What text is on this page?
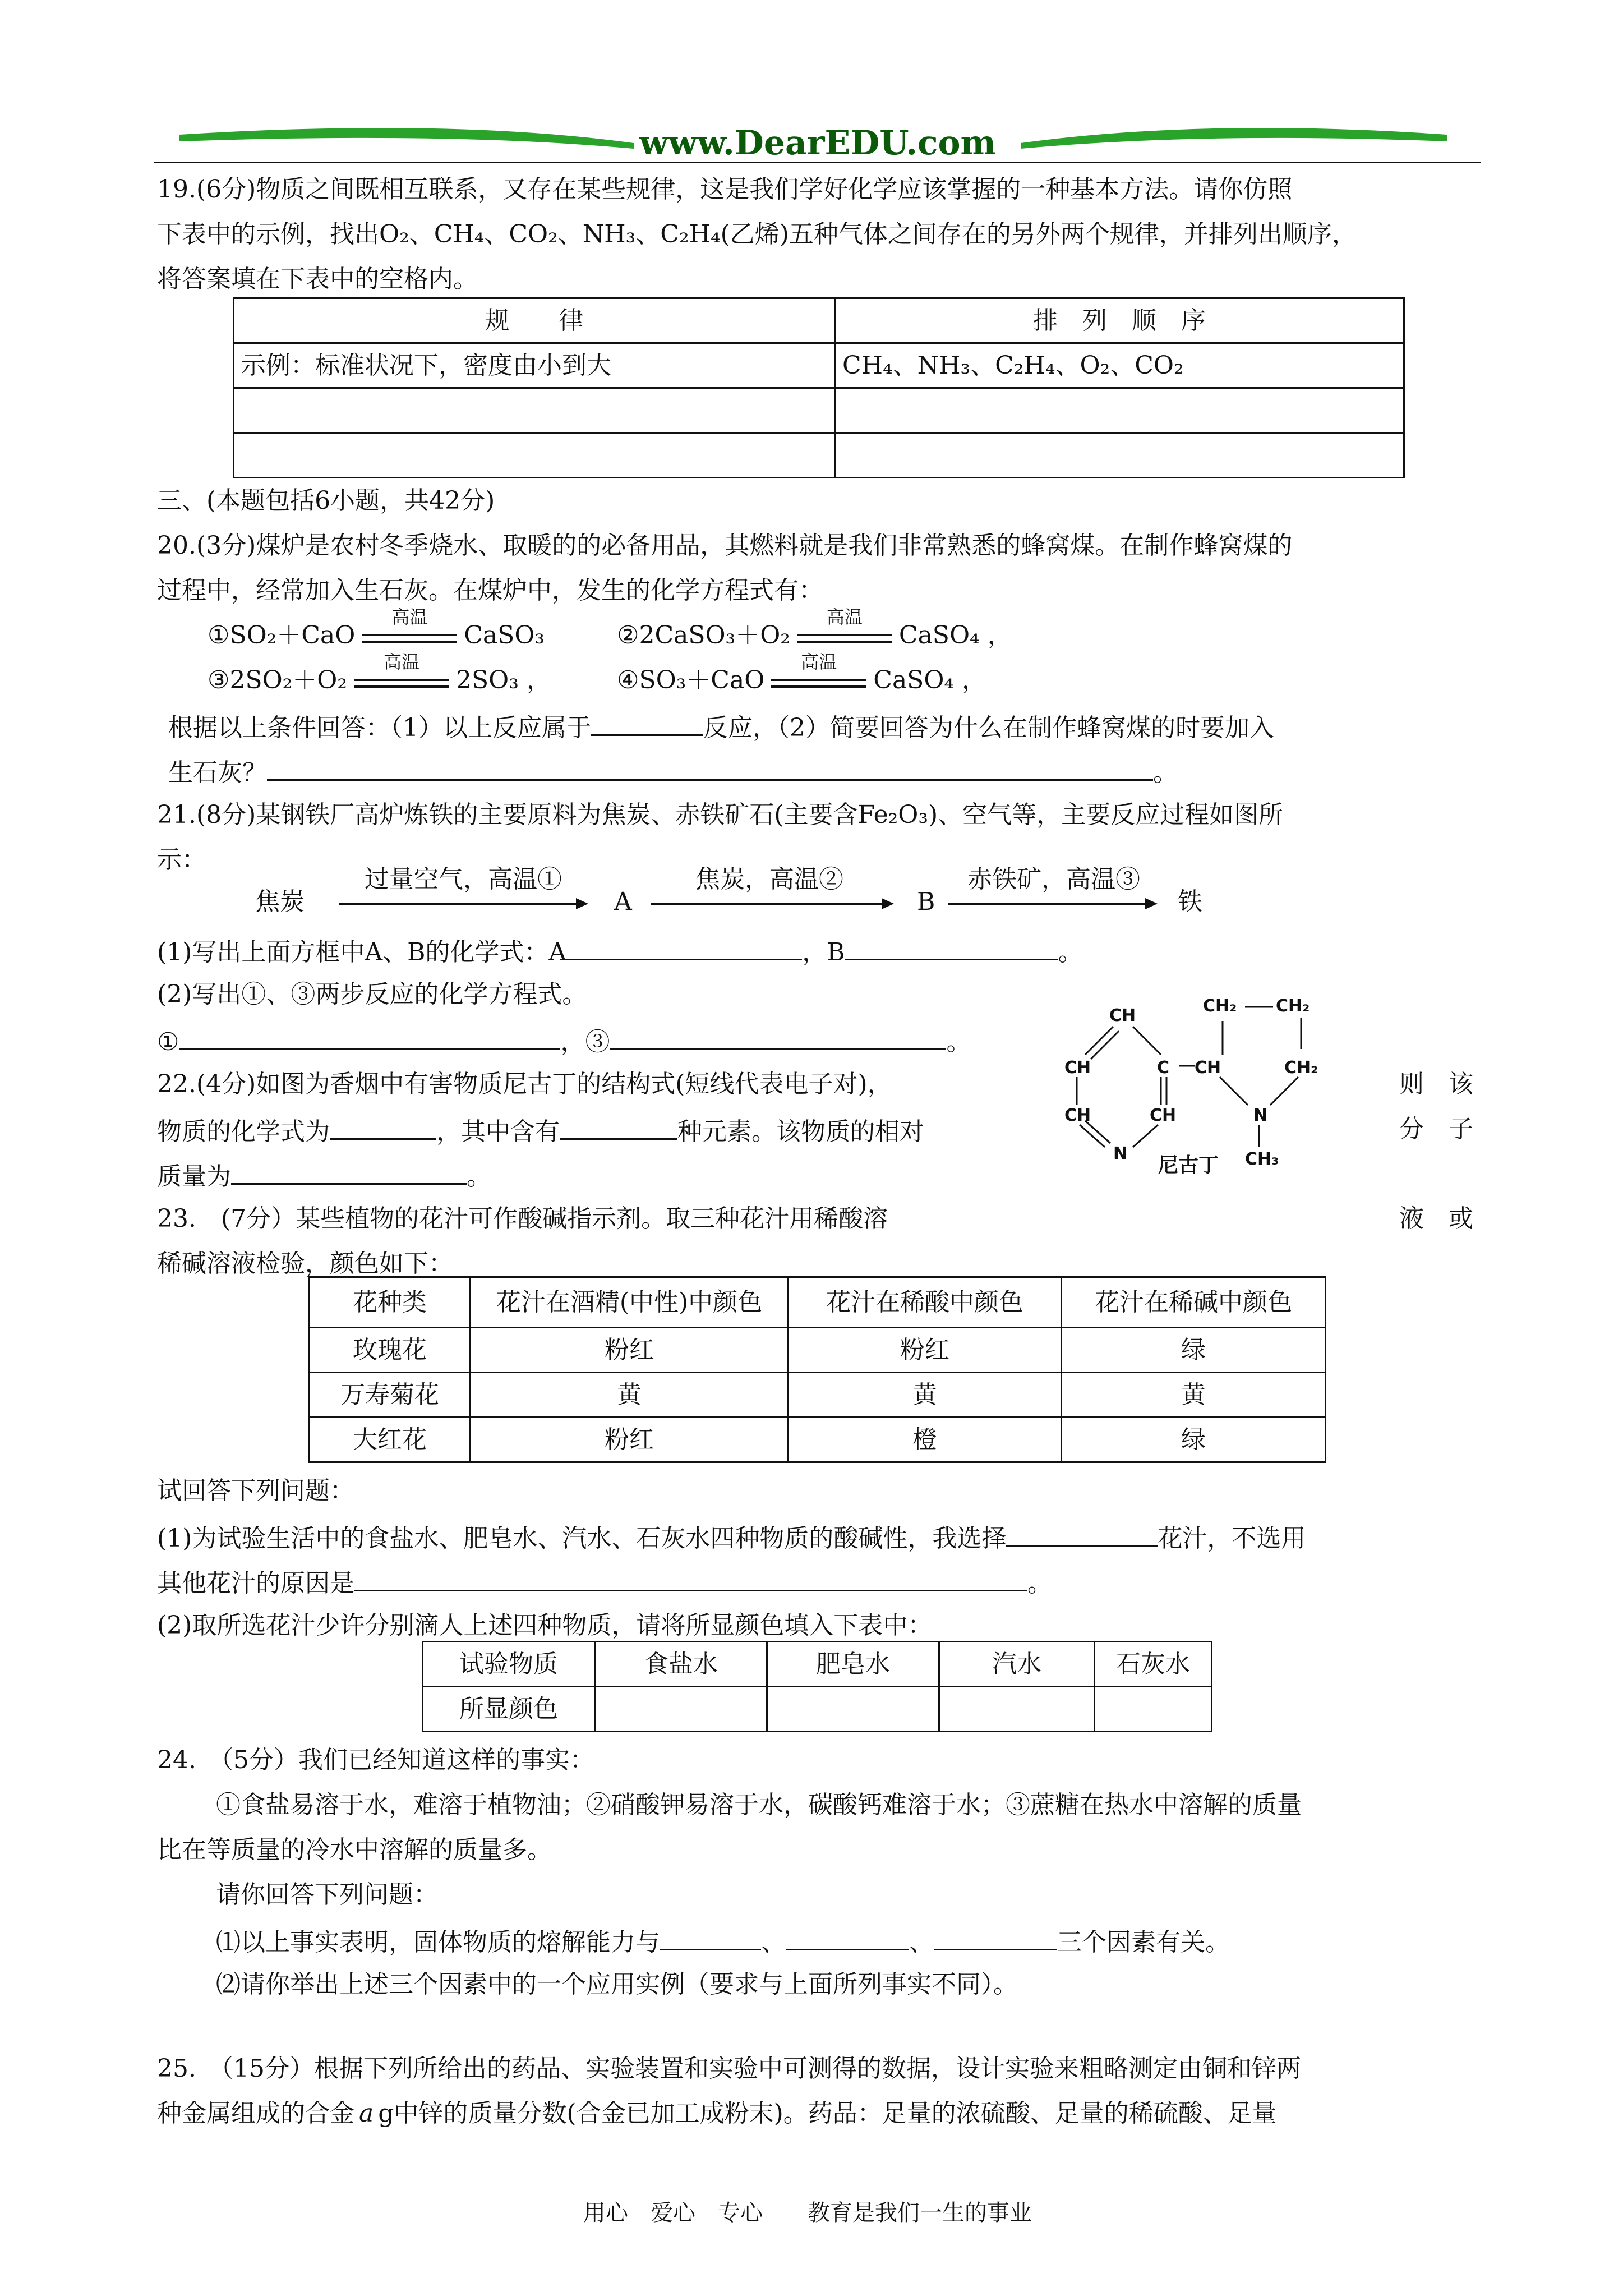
www.DearEDU.com
19.(6分)物质之间既相互联系，又存在某些规律，这是我们学好化学应该掌握的一种基本方法。请你仿照
下表中的示例，找出O₂、CH₄、CO₂、NH₃、C₂H₄(乙烯)五种气体之间存在的另外两个规律，并排列出顺序，
将答案填在下表中的空格内。
规　　律	排　列　顺　序
示例：标准状况下，密度由小到大	CH₄、NH₃、C₂H₄、O₂、CO₂

三、(本题包括6小题，共42分)
20.(3分)煤炉是农村冬季烧水、取暖的的必备用品，其燃料就是我们非常熟悉的蜂窝煤。在制作蜂窝煤的
过程中，经常加入生石灰。在煤炉中，发生的化学方程式有：
①SO₂＋CaO
高温
CaSO₃	②2CaSO₃＋O₂
高温
CaSO₄ ，
③2SO₂＋O₂
高温
2SO₃ ，	④SO₃＋CaO
高温
CaSO₄ ，
根据以上条件回答：（1）以上反应属于	反应，（2）简要回答为什么在制作蜂窝煤的时要加入
生石灰？	。
21.(8分)某钢铁厂高炉炼铁的主要原料为焦炭、赤铁矿石(主要含Fe₂O₃)、空气等，主要反应过程如图所
示：
焦炭
过量空气，高温①
A
焦炭，高温②
B
赤铁矿，高温③
铁
(1)写出上面方框中A、B的化学式：A	，B	。
(2)写出①、③两步反应的化学方程式。
①	，③	。
CH
CH	C CH
CH₂ CH₂
CH₂
CH	CH	N
N	CH₃
尼古丁
22.(4分)如图为香烟中有害物质尼古丁的结构式(短线代表电子对)，	则　该
物质的化学式为	，其中含有	种元素。该物质的相对	分　子
质量为	。
23.　(7分）某些植物的花汁可作酸碱指示剂。取三种花汁用稀酸溶	液　或
稀碱溶液检验，颜色如下：
花种类	花汁在酒精(中性)中颜色	花汁在稀酸中颜色	花汁在稀碱中颜色
玫瑰花	粉红	粉红	绿
万寿菊花	黄	黄	黄
大红花	粉红	橙	绿
试回答下列问题：
(1)为试验生活中的食盐水、肥皂水、汽水、石灰水四种物质的酸碱性，我选择	花汁，不选用
其他花汁的原因是	。
(2)取所选花汁少许分别滴人上述四种物质，请将所显颜色填入下表中：
试验物质	食盐水	肥皂水	汽水	石灰水
所显颜色				
24.　（5分）我们已经知道这样的事实：
①食盐易溶于水，难溶于植物油；②硝酸钾易溶于水，碳酸钙难溶于水；③蔗糖在热水中溶解的质量
比在等质量的冷水中溶解的质量多。
请你回答下列问题：
⑴以上事实表明，固体物质的熔解能力与	、	、	三个因素有关。
⑵请你举出上述三个因素中的一个应用实例（要求与上面所列事实不同）。
25.　（15分）根据下列所给出的药品、实验装置和实验中可测得的数据，设计实验来粗略测定由铜和锌两
种金属组成的合金 a g中锌的质量分数(合金已加工成粉末)。药品：足量的浓硫酸、足量的稀硫酸、足量
用心　爱心　专心　　教育是我们一生的事业
